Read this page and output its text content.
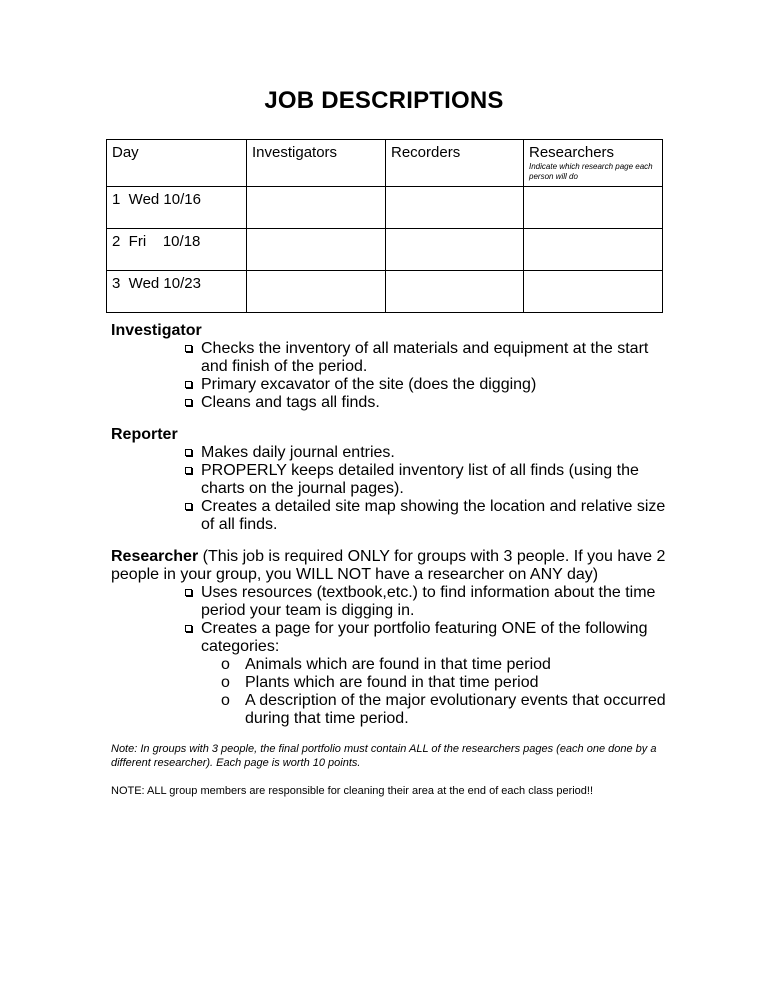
JOB DESCRIPTIONS
Day	Investigators	Recorders	Researchers
Indicate which research page each person will do

1  Wed 10/16			
2  Fri    10/18			
3  Wed 10/23			
Investigator
Checks the inventory of all materials and equipment at the start and finish of the period.
Primary excavator of the site (does the digging)
Cleans and tags all finds.
Reporter
Makes daily journal entries.
PROPERLY keeps detailed inventory list of all finds (using the charts on the journal pages).
Creates a detailed site map showing the location and relative size of all finds.

Researcher (This job is required ONLY for groups with 3 people. If you have 2 people in your group, you WILL NOT have a researcher on ANY day)

Uses resources (textbook,etc.) to find information about the time period your team is digging in.
Creates a page for your portfolio featuring ONE of the following categories:
o Animals which are found in that time period
o Plants which are found in that time period
o A description of the major evolutionary events that occurred during that time period.

Note: In groups with 3 people, the final portfolio must contain ALL of the researchers pages (each one done by a different researcher). Each page is worth 10 points.

NOTE: ALL group members are responsible for cleaning their area at the end of each class period!!
